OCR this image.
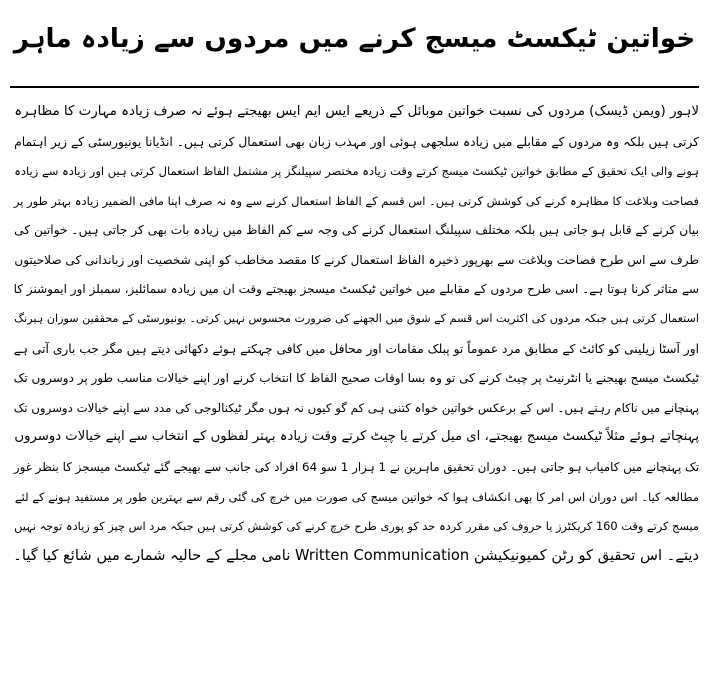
خواتین ٹیکسٹ میسج کرنے میں مردوں سے زیادہ ماہر
لاہور (ویمن ڈیسک) مردوں کی نسبت خواتین موبائل کے ذریعے ایس ایم ایس بھیجتے ہوئے نہ صرف زیادہ مہارت کا مظاہرہ
کرتی ہیں بلکہ وہ مردوں کے مقابلے میں زیادہ سلجھی ہوئی اور مہذب زبان بھی استعمال کرتی ہیں۔ انڈیانا یونیورسٹی کے زیر اہتمام
ہونے والی ایک تحقیق کے مطابق خواتین ٹیکسٹ میسج کرتے وقت زیادہ مختصر سپیلنگز پر مشتمل الفاظ استعمال کرتی ہیں اور زیادہ سے زیادہ
فصاحت وبلاغت کا مظاہرہ کرنے کی کوشش کرتی ہیں۔ اس قسم کے الفاظ استعمال کرنے سے وہ نہ صرف اپنا مافی الضمیر زیادہ بہتر طور پر
بیان کرنے کے قابل ہو جاتی ہیں بلکہ مختلف سپیلنگ استعمال کرنے کی وجہ سے کم الفاظ میں زیادہ بات بھی کر جاتی ہیں۔ خواتین کی
طرف سے اس طرح فصاحت وبلاغت سے بھرپور ذخیرہ الفاظ استعمال کرنے کا مقصد مخاطب کو اپنی شخصیت اور زباندانی کی صلاحیتوں
سے متاثر کرنا ہوتا ہے۔ اسی طرح مردوں کے مقابلے میں خواتین ٹیکسٹ میسجز بھیجتے وقت ان میں زیادہ سمائلیز، سمبلز اور ایموشنز کا
استعمال کرتی ہیں جبکہ مردوں کی اکثریت اس قسم کے شوق میں الجھنے کی ضرورت محسوس نہیں کرتی۔ یونیورسٹی کے محققین سوزان ہیرنگ
اور آسٹا زیلینی کو کائٹ کے مطابق مرد عموماً تو پبلک مقامات اور محافل میں کافی چہکتے ہوئے دکھائی دیتے ہیں مگر جب باری آتی ہے
ٹیکسٹ میسج بھیجنے یا انٹرنیٹ پر چیٹ کرنے کی تو وہ بسا اوقات صحیح الفاظ کا انتخاب کرنے اور اپنے خیالات مناسب طور پر دوسروں تک
پہنچانے میں ناکام رہتے ہیں۔ اس کے برعکس خواتین خواہ کتنی ہی کم گو کیوں نہ ہوں مگر ٹیکنالوجی کی مدد سے اپنے خیالات دوسروں تک
پہنچاتے ہوئے مثلاً ٹیکسٹ میسج بھیجتے، ای میل کرتے یا چیٹ کرتے وقت زیادہ بہتر لفظوں کے انتخاب سے اپنے خیالات دوسروں
تک پہنچانے میں کامیاب ہو جاتی ہیں۔ دوران تحقیق ماہرین نے 1 ہزار 1 سو 64 افراد کی جانب سے بھیجے گئے ٹیکسٹ میسجز کا بنظر غور
مطالعہ کیا۔ اس دوران اس امر کا بھی انکشاف ہوا کہ خواتین میسج کی صورت میں خرچ کی گئی رقم سے بہترین طور پر مستفید ہونے کے لئے
میسج کرتے وقت 160 کریکٹرز یا حروف کی مقرر کردہ حد کو پوری طرح خرچ کرنے کی کوشش کرتی ہیں جبکہ مرد اس چیز کو زیادہ توجہ نہیں
دیتے۔ اس تحقیق کو رٹن کمیونیکیشن Written Communication نامی مجلے کے حالیہ شمارے میں شائع کیا گیا۔
